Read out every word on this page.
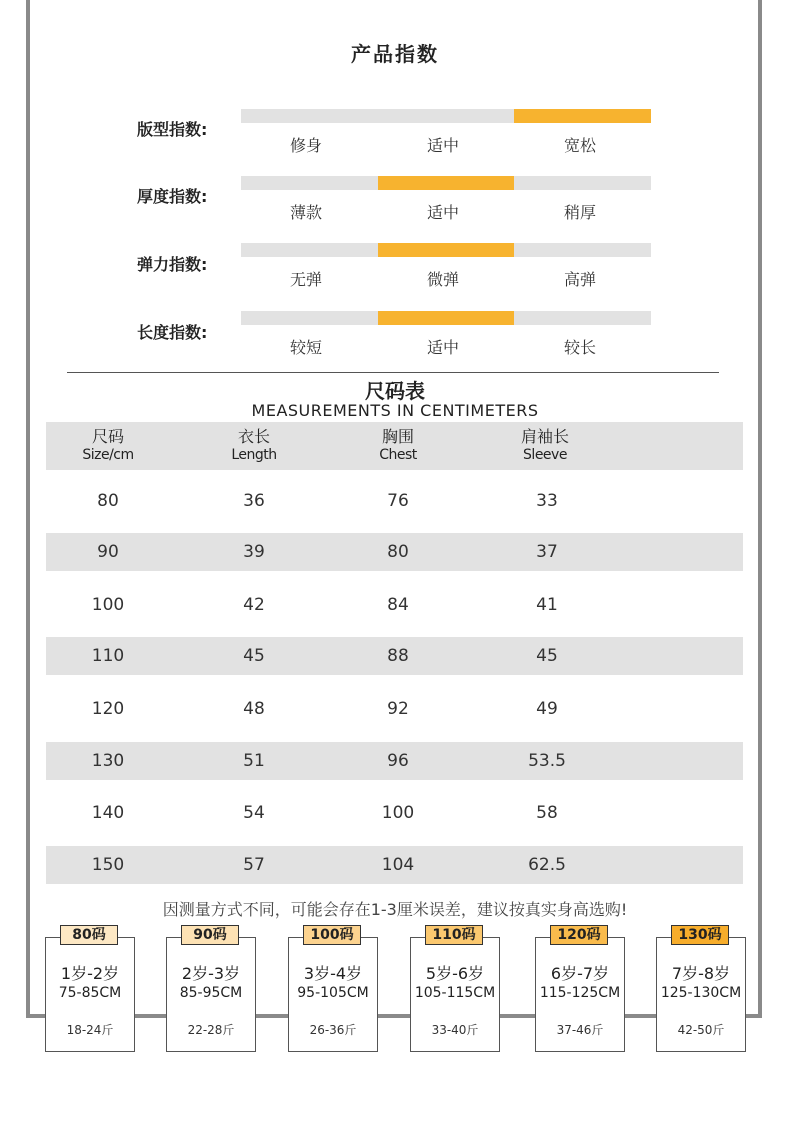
产品指数
版型指数:
修身	适中	宽松
厚度指数:
薄款	适中	稍厚
弹力指数:
无弹	微弹	高弹
长度指数:
较短	适中	较长
尺码表
MEASUREMENTS IN CENTIMETERS
尺码
Size/cm
衣长
Length
胸围
Chest
肩袖长
Sleeve
80	36	76	33
90	39	80	37
100	42	84	41
110	45	88	45
120	48	92	49
130	51	96	53.5
140	54	100	58
150	57	104	62.5
因测量方式不同，可能会存在1-3厘米误差，建议按真实身高选购!
80码
1岁-2岁
75-85CM
18-24斤
90码
2岁-3岁
85-95CM
22-28斤
100码
3岁-4岁
95-105CM
26-36斤
110码
5岁-6岁
105-115CM
33-40斤
120码
6岁-7岁
115-125CM
37-46斤
130码
7岁-8岁
125-130CM
42-50斤
